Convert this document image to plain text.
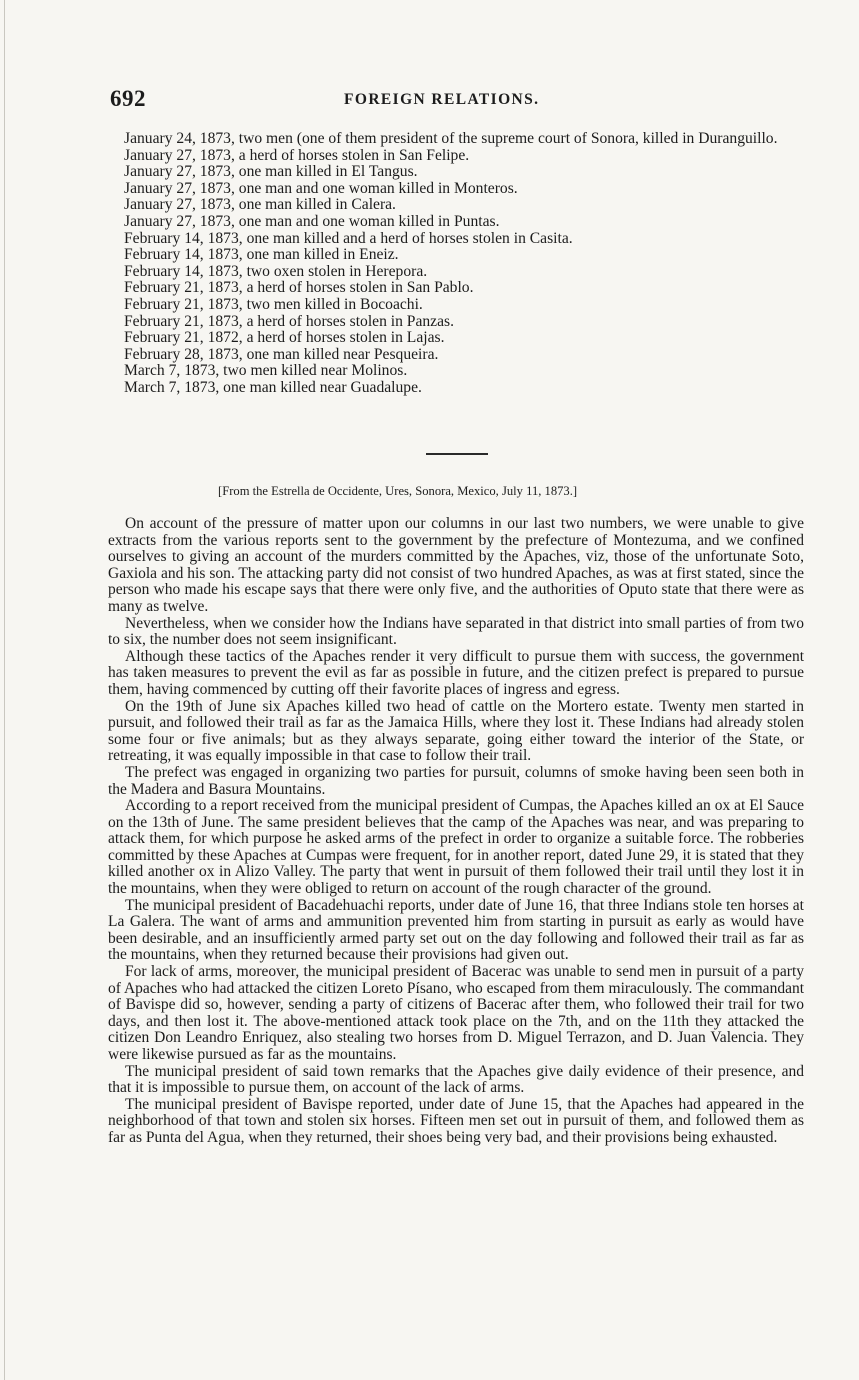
692	FOREIGN RELATIONS.
January 24, 1873, two men (one of them president of the supreme court of Sonora, killed in Duranguillo.
January 27, 1873, a herd of horses stolen in San Felipe.
January 27, 1873, one man killed in El Tangus.
January 27, 1873, one man and one woman killed in Monteros.
January 27, 1873, one man killed in Calera.
January 27, 1873, one man and one woman killed in Puntas.
February 14, 1873, one man killed and a herd of horses stolen in Casita.
February 14, 1873, one man killed in Eneiz.
February 14, 1873, two oxen stolen in Herepora.
February 21, 1873, a herd of horses stolen in San Pablo.
February 21, 1873, two men killed in Bocoachi.
February 21, 1873, a herd of horses stolen in Panzas.
February 21, 1872, a herd of horses stolen in Lajas.
February 28, 1873, one man killed near Pesqueira.
March 7, 1873, two men killed near Molinos.
March 7, 1873, one man killed near Guadalupe.
[From the Estrella de Occidente, Ures, Sonora, Mexico, July 11, 1873.]

On account of the pressure of matter upon our columns in our last two numbers, we were unable to give extracts from the various reports sent to the government by the prefecture of Montezuma, and we confined ourselves to giving an account of the murders committed by the Apaches, viz, those of the unfortunate Soto, Gaxiola and his son. The attacking party did not consist of two hundred Apaches, as was at first stated, since the person who made his escape says that there were only five, and the authorities of Oputo state that there were as many as twelve.

Nevertheless, when we consider how the Indians have separated in that district into small parties of from two to six, the number does not seem insignificant.

Although these tactics of the Apaches render it very difficult to pursue them with success, the government has taken measures to prevent the evil as far as possible in future, and the citizen prefect is prepared to pursue them, having commenced by cutting off their favorite places of ingress and egress.

On the 19th of June six Apaches killed two head of cattle on the Mortero estate. Twenty men started in pursuit, and followed their trail as far as the Jamaica Hills, where they lost it. These Indians had already stolen some four or five animals; but as they always separate, going either toward the interior of the State, or retreating, it was equally impossible in that case to follow their trail.

The prefect was engaged in organizing two parties for pursuit, columns of smoke having been seen both in the Madera and Basura Mountains.

According to a report received from the municipal president of Cumpas, the Apaches killed an ox at El Sauce on the 13th of June. The same president believes that the camp of the Apaches was near, and was preparing to attack them, for which purpose he asked arms of the prefect in order to organize a suitable force. The robberies committed by these Apaches at Cumpas were frequent, for in another report, dated June 29, it is stated that they killed another ox in Alizo Valley. The party that went in pursuit of them followed their trail until they lost it in the mountains, when they were obliged to return on account of the rough character of the ground.

The municipal president of Bacadehuachi reports, under date of June 16, that three Indians stole ten horses at La Galera. The want of arms and ammunition prevented him from starting in pursuit as early as would have been desirable, and an insufficiently armed party set out on the day following and followed their trail as far as the mountains, when they returned because their provisions had given out.

For lack of arms, moreover, the municipal president of Bacerac was unable to send men in pursuit of a party of Apaches who had attacked the citizen Loreto Písano, who escaped from them miraculously. The commandant of Bavispe did so, however, sending a party of citizens of Bacerac after them, who followed their trail for two days, and then lost it. The above-mentioned attack took place on the 7th, and on the 11th they attacked the citizen Don Leandro Enriquez, also stealing two horses from D. Miguel Terrazon, and D. Juan Valencia. They were likewise pursued as far as the mountains.

The municipal president of said town remarks that the Apaches give daily evidence of their presence, and that it is impossible to pursue them, on account of the lack of arms.

The municipal president of Bavispe reported, under date of June 15, that the Apaches had appeared in the neighborhood of that town and stolen six horses. Fifteen men set out in pursuit of them, and followed them as far as Punta del Agua, when they returned, their shoes being very bad, and their provisions being exhausted.
